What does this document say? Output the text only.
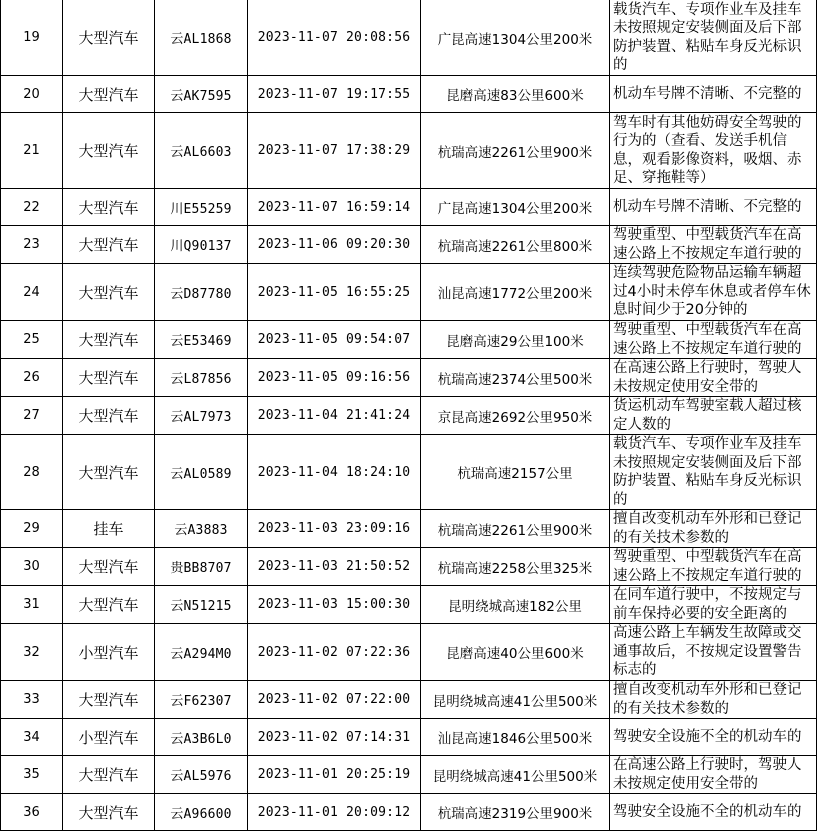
19	大型汽车	云AL1868	2023-11-07 20:08:56	广昆高速1304公里200米	载货汽车、专项作业车及挂车未按照规定安装侧面及后下部防护装置、粘贴车身反光标识的
20	大型汽车	云AK7595	2023-11-07 19:17:55	昆磨高速83公里600米	机动车号牌不清晰、不完整的
21	大型汽车	云AL6603	2023-11-07 17:38:29	杭瑞高速2261公里900米	驾车时有其他妨碍安全驾驶的行为的（查看、发送手机信息，观看影像资料，吸烟、赤足、穿拖鞋等）
22	大型汽车	川E55259	2023-11-07 16:59:14	广昆高速1304公里200米	机动车号牌不清晰、不完整的
23	大型汽车	川Q90137	2023-11-06 09:20:30	杭瑞高速2261公里800米	驾驶重型、中型载货汽车在高速公路上不按规定车道行驶的
24	大型汽车	云D87780	2023-11-05 16:55:25	汕昆高速1772公里200米	连续驾驶危险物品运输车辆超过4小时未停车休息或者停车休息时间少于20分钟的
25	大型汽车	云E53469	2023-11-05 09:54:07	昆磨高速29公里100米	驾驶重型、中型载货汽车在高速公路上不按规定车道行驶的
26	大型汽车	云L87856	2023-11-05 09:16:56	杭瑞高速2374公里500米	在高速公路上行驶时，驾驶人未按规定使用安全带的
27	大型汽车	云AL7973	2023-11-04 21:41:24	京昆高速2692公里950米	货运机动车驾驶室载人超过核定人数的
28	大型汽车	云AL0589	2023-11-04 18:24:10	杭瑞高速2157公里	载货汽车、专项作业车及挂车未按照规定安装侧面及后下部防护装置、粘贴车身反光标识的
29	挂车	云A3883	2023-11-03 23:09:16	杭瑞高速2261公里900米	擅自改变机动车外形和已登记的有关技术参数的
30	大型汽车	贵BB8707	2023-11-03 21:50:52	杭瑞高速2258公里325米	驾驶重型、中型载货汽车在高速公路上不按规定车道行驶的
31	大型汽车	云N51215	2023-11-03 15:00:30	昆明绕城高速182公里	在同车道行驶中，不按规定与前车保持必要的安全距离的
32	小型汽车	云A294M0	2023-11-02 07:22:36	昆磨高速40公里600米	高速公路上车辆发生故障或交通事故后，不按规定设置警告标志的
33	大型汽车	云F62307	2023-11-02 07:22:00	昆明绕城高速41公里500米	擅自改变机动车外形和已登记的有关技术参数的
34	小型汽车	云A3B6L0	2023-11-02 07:14:31	汕昆高速1846公里500米	驾驶安全设施不全的机动车的
35	大型汽车	云AL5976	2023-11-01 20:25:19	昆明绕城高速41公里500米	在高速公路上行驶时，驾驶人未按规定使用安全带的
36	大型汽车	云A96600	2023-11-01 20:09:12	杭瑞高速2319公里900米	驾驶安全设施不全的机动车的
